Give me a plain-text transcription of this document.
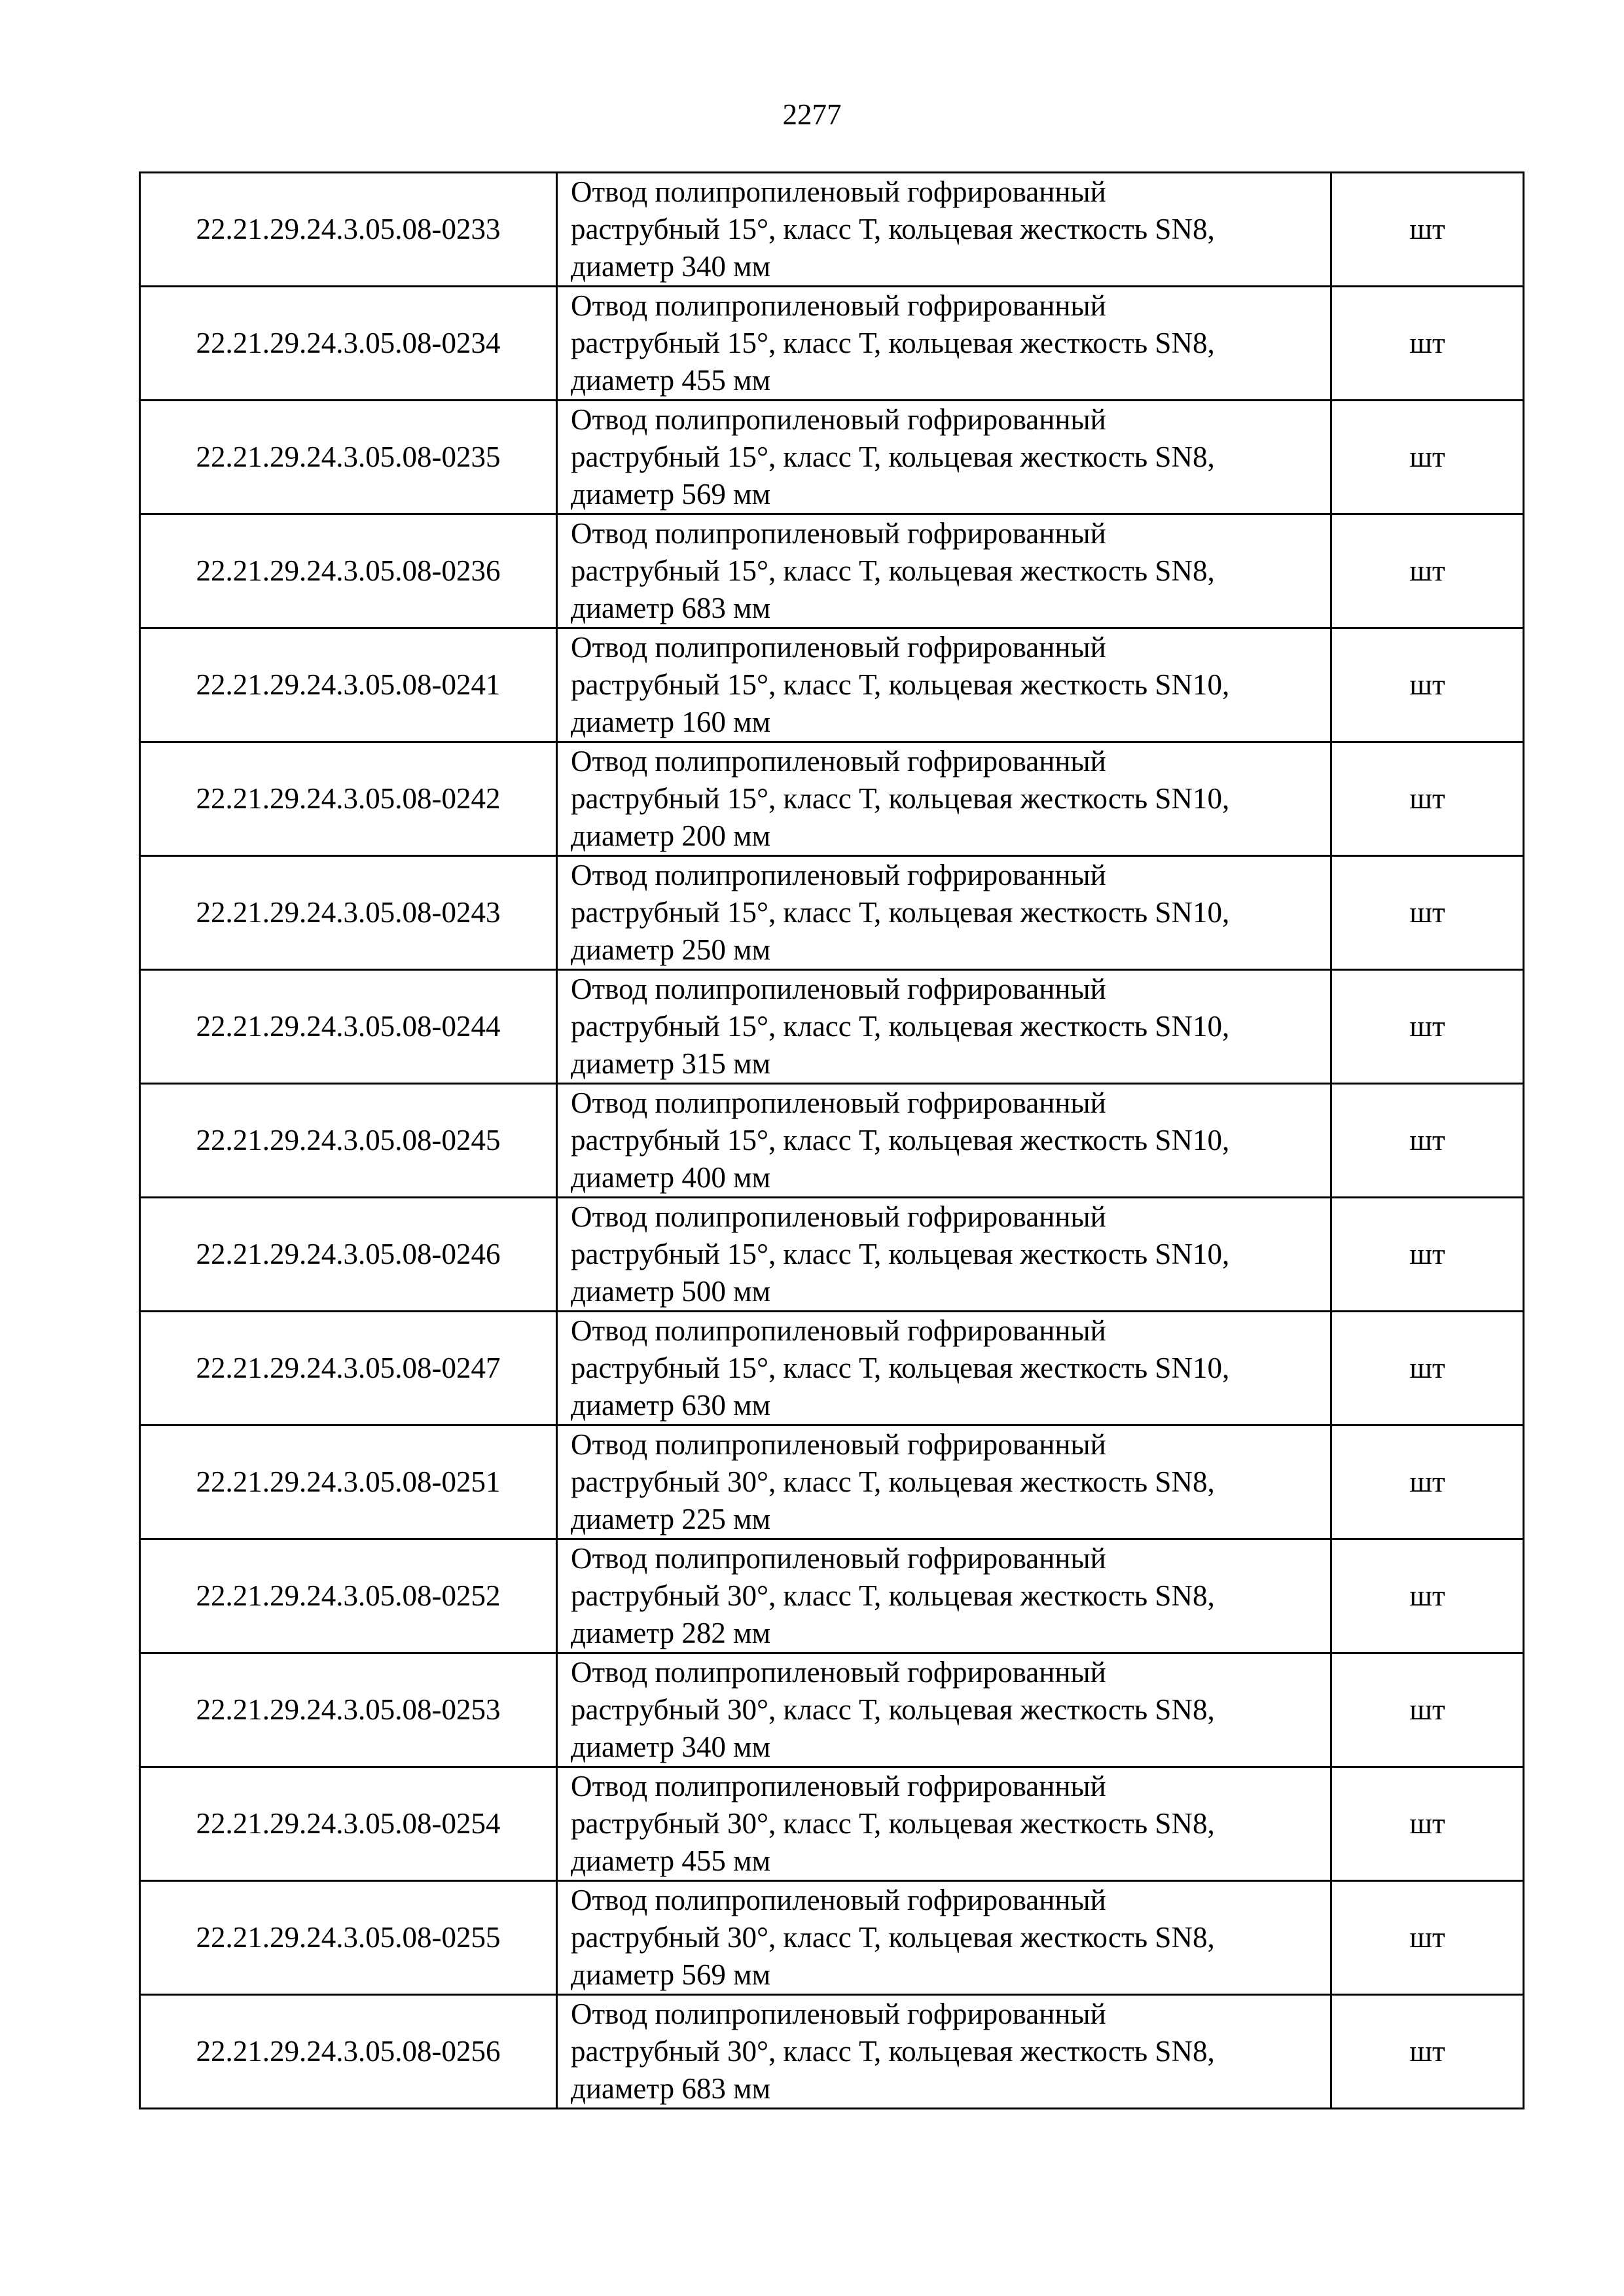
2277
22.21.29.24.3.05.08-0233	Отвод полипропиленовый гофрированный
раструбный 15°, класс Т, кольцевая жесткость SN8,
диаметр 340 мм	шт
22.21.29.24.3.05.08-0234	Отвод полипропиленовый гофрированный
раструбный 15°, класс Т, кольцевая жесткость SN8,
диаметр 455 мм	шт
22.21.29.24.3.05.08-0235	Отвод полипропиленовый гофрированный
раструбный 15°, класс Т, кольцевая жесткость SN8,
диаметр 569 мм	шт
22.21.29.24.3.05.08-0236	Отвод полипропиленовый гофрированный
раструбный 15°, класс Т, кольцевая жесткость SN8,
диаметр 683 мм	шт
22.21.29.24.3.05.08-0241	Отвод полипропиленовый гофрированный
раструбный 15°, класс Т, кольцевая жесткость SN10,
диаметр 160 мм	шт
22.21.29.24.3.05.08-0242	Отвод полипропиленовый гофрированный
раструбный 15°, класс Т, кольцевая жесткость SN10,
диаметр 200 мм	шт
22.21.29.24.3.05.08-0243	Отвод полипропиленовый гофрированный
раструбный 15°, класс Т, кольцевая жесткость SN10,
диаметр 250 мм	шт
22.21.29.24.3.05.08-0244	Отвод полипропиленовый гофрированный
раструбный 15°, класс Т, кольцевая жесткость SN10,
диаметр 315 мм	шт
22.21.29.24.3.05.08-0245	Отвод полипропиленовый гофрированный
раструбный 15°, класс Т, кольцевая жесткость SN10,
диаметр 400 мм	шт
22.21.29.24.3.05.08-0246	Отвод полипропиленовый гофрированный
раструбный 15°, класс Т, кольцевая жесткость SN10,
диаметр 500 мм	шт
22.21.29.24.3.05.08-0247	Отвод полипропиленовый гофрированный
раструбный 15°, класс Т, кольцевая жесткость SN10,
диаметр 630 мм	шт
22.21.29.24.3.05.08-0251	Отвод полипропиленовый гофрированный
раструбный 30°, класс Т, кольцевая жесткость SN8,
диаметр 225 мм	шт
22.21.29.24.3.05.08-0252	Отвод полипропиленовый гофрированный
раструбный 30°, класс Т, кольцевая жесткость SN8,
диаметр 282 мм	шт
22.21.29.24.3.05.08-0253	Отвод полипропиленовый гофрированный
раструбный 30°, класс Т, кольцевая жесткость SN8,
диаметр 340 мм	шт
22.21.29.24.3.05.08-0254	Отвод полипропиленовый гофрированный
раструбный 30°, класс Т, кольцевая жесткость SN8,
диаметр 455 мм	шт
22.21.29.24.3.05.08-0255	Отвод полипропиленовый гофрированный
раструбный 30°, класс Т, кольцевая жесткость SN8,
диаметр 569 мм	шт
22.21.29.24.3.05.08-0256	Отвод полипропиленовый гофрированный
раструбный 30°, класс Т, кольцевая жесткость SN8,
диаметр 683 мм	шт
